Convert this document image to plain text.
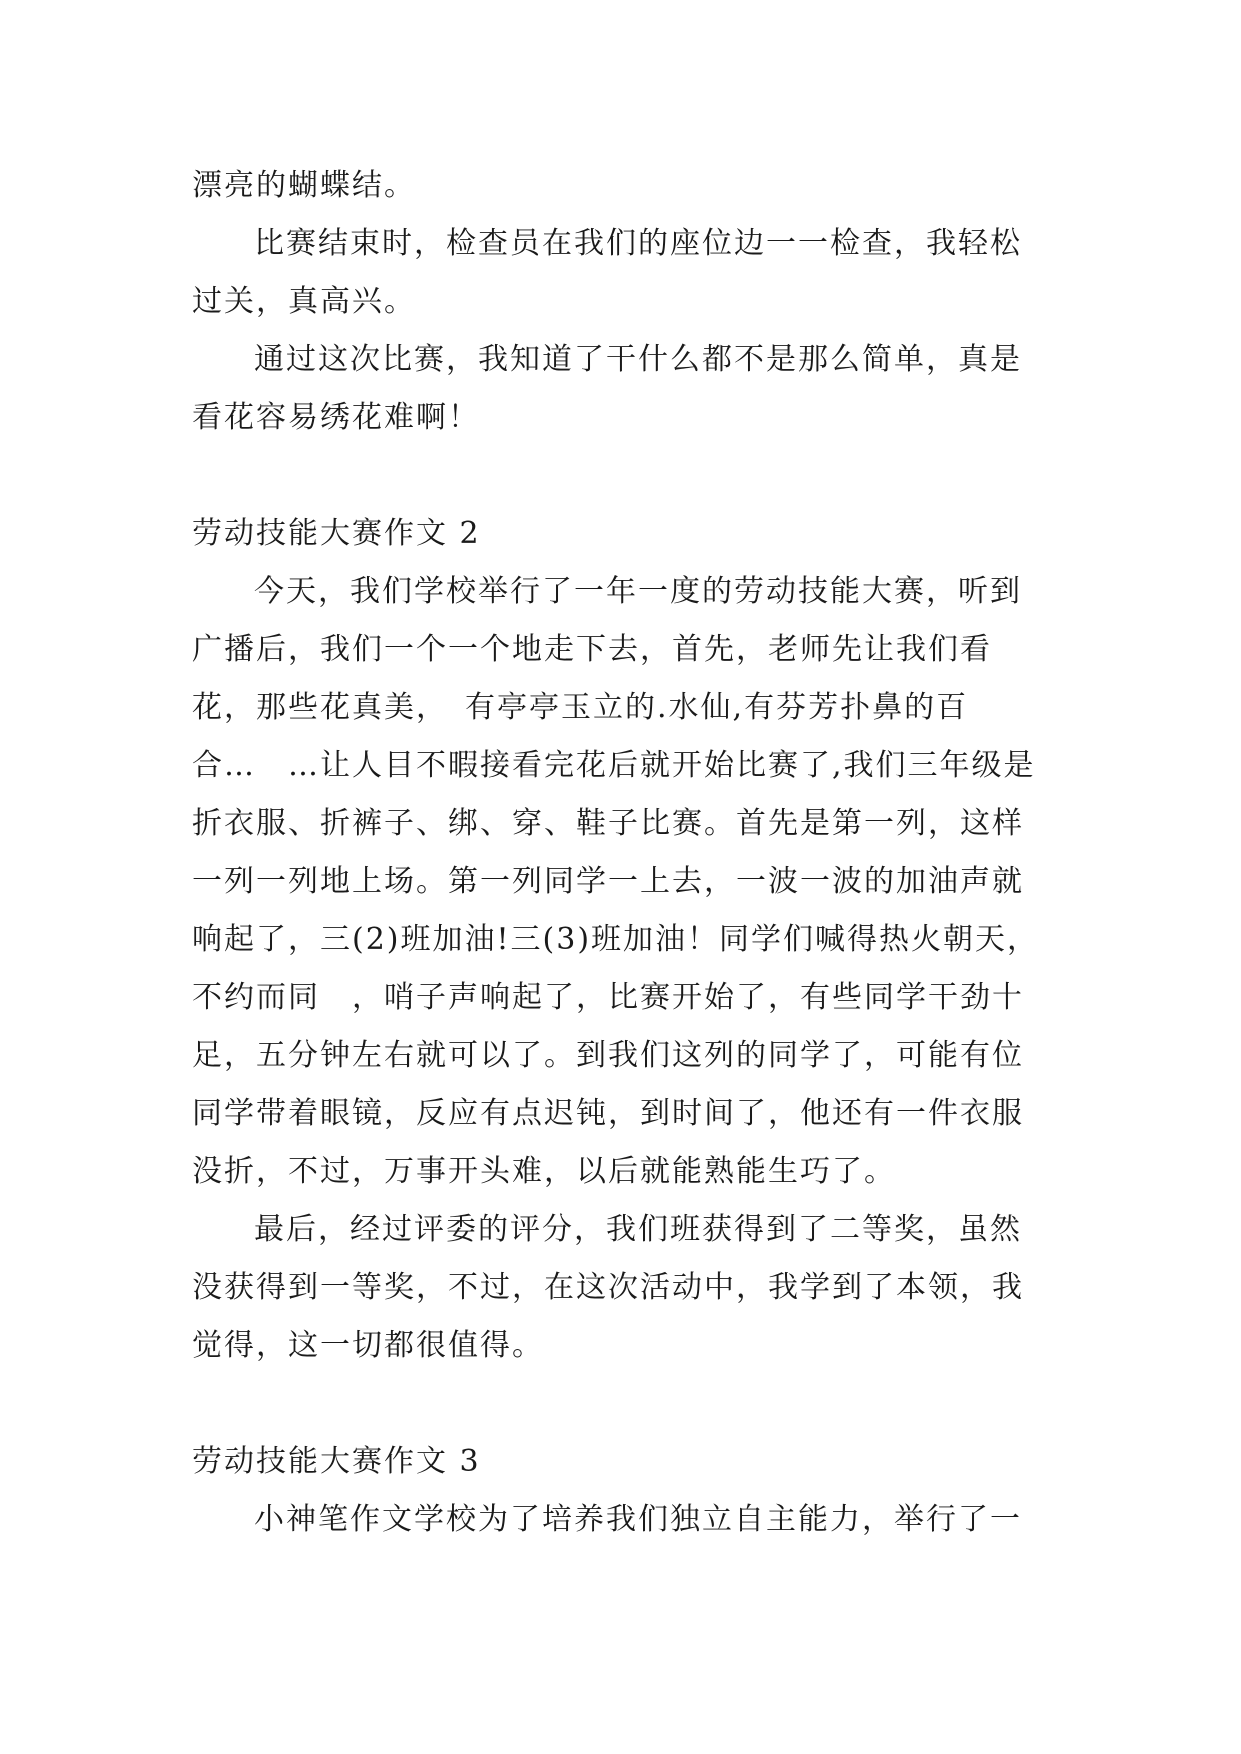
漂亮的蝴蝶结。

比赛结束时，检查员在我们的座位边一一检查，我轻松过关，真高兴。

通过这次比赛，我知道了干什么都不是那么简单，真是看花容易绣花难啊！

劳动技能大赛作文 2

今天，我们学校举行了一年一度的劳动技能大赛，听到广播后，我们一个一个地走下去，首先，老师先让我们看花，那些花真美，　有亭亭玉立的.水仙,有芬芳扑鼻的百合…　…让人目不暇接看完花后就开始比赛了,我们三年级是折衣服、折裤子、绑、穿、鞋子比赛。首先是第一列，这样一列一列地上场。第一列同学一上去，一波一波的加油声就响起了，三(2)班加油!三(3)班加油！同学们喊得热火朝天，不约而同　，哨子声响起了，比赛开始了，有些同学干劲十足，五分钟左右就可以了。到我们这列的同学了，可能有位同学带着眼镜，反应有点迟钝，到时间了，他还有一件衣服没折，不过，万事开头难，以后就能熟能生巧了。

最后，经过评委的评分，我们班获得到了二等奖，虽然没获得到一等奖，不过，在这次活动中，我学到了本领，我觉得，这一切都很值得。

劳动技能大赛作文 3

小神笔作文学校为了培养我们独立自主能力，举行了一
